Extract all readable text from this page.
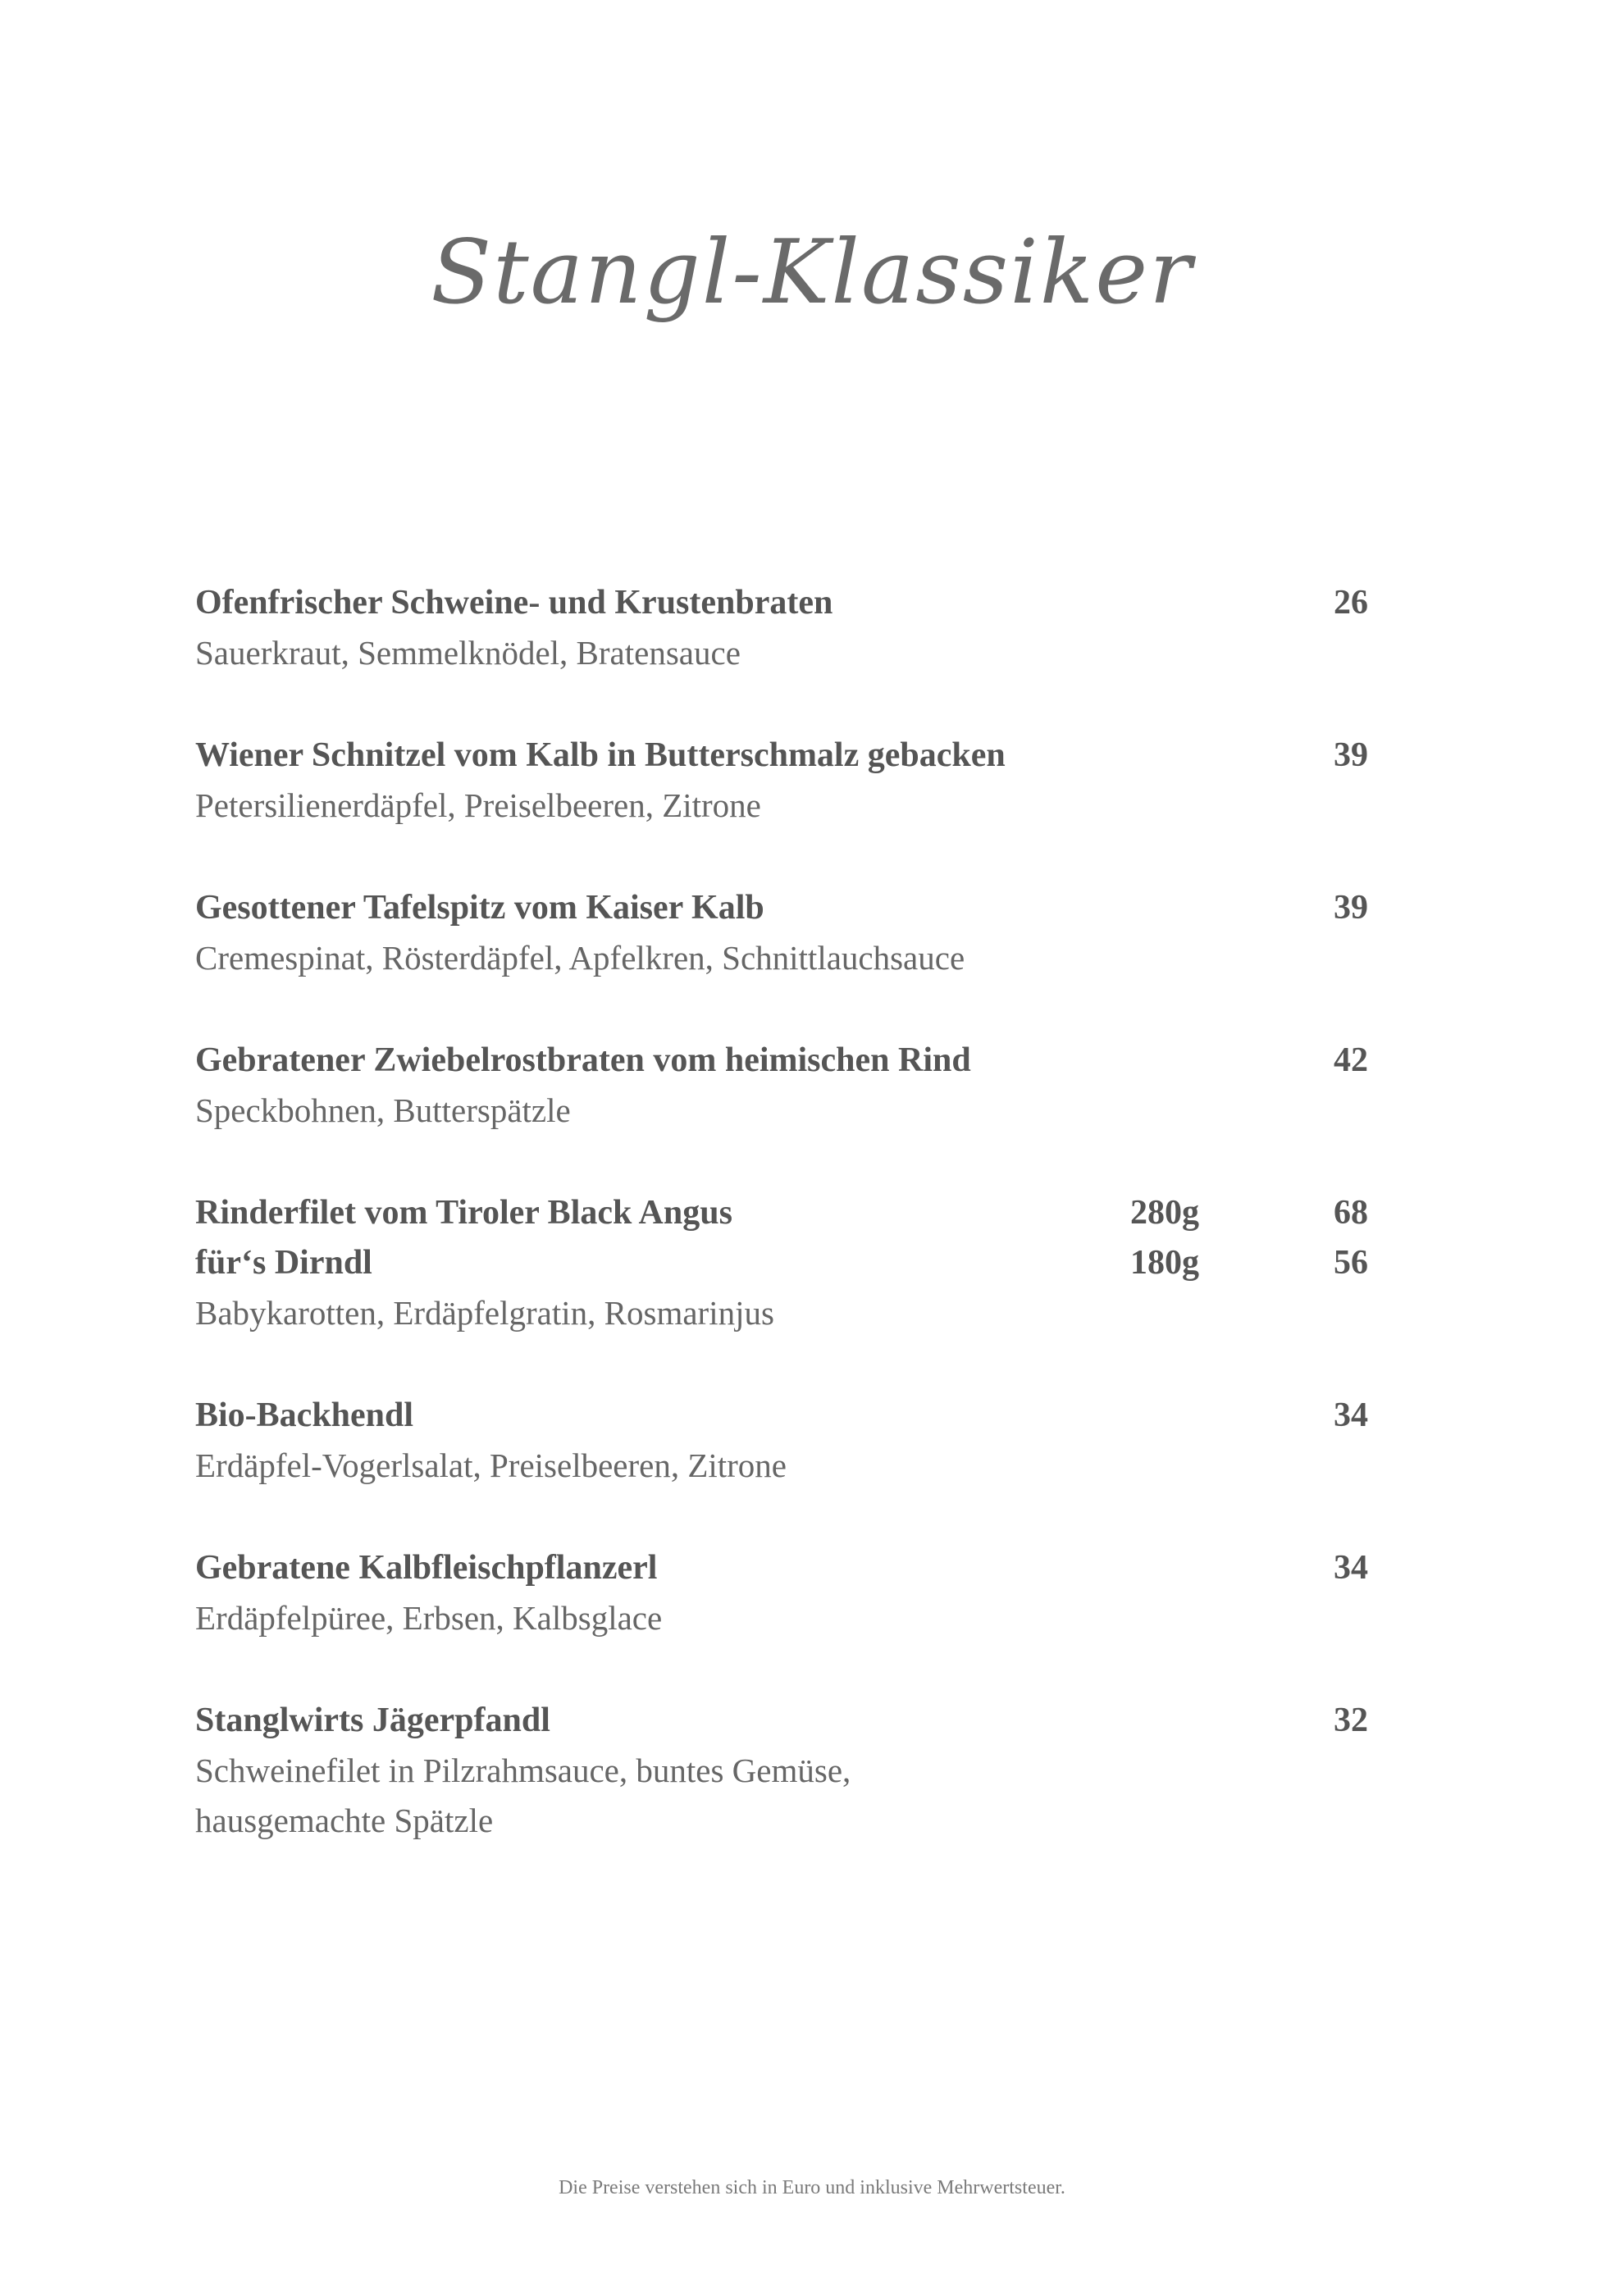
Stangl-Klassiker
Ofenfrischer Schweine- und Krustenbraten	26
Sauerkraut, Semmelknödel, Bratensauce
Wiener Schnitzel vom Kalb in Butterschmalz gebacken	39
Petersilienerdäpfel, Preiselbeeren, Zitrone
Gesottener Tafelspitz vom Kaiser Kalb	39
Cremespinat, Rösterdäpfel, Apfelkren, Schnittlauchsauce
Gebratener Zwiebelrostbraten vom heimischen Rind	42
Speckbohnen, Butterspätzle
Rinderfilet vom Tiroler Black Angus	280g	68
für‘s Dirndl	180g	56
Babykarotten, Erdäpfelgratin, Rosmarinjus
Bio-Backhendl	34
Erdäpfel-Vogerlsalat, Preiselbeeren, Zitrone
Gebratene Kalbfleischpflanzerl	34
Erdäpfelpüree, Erbsen, Kalbsglace
Stanglwirts Jägerpfandl	32
Schweinefilet in Pilzrahmsauce, buntes Gemüse,
hausgemachte Spätzle
Die Preise verstehen sich in Euro und inklusive Mehrwertsteuer.
